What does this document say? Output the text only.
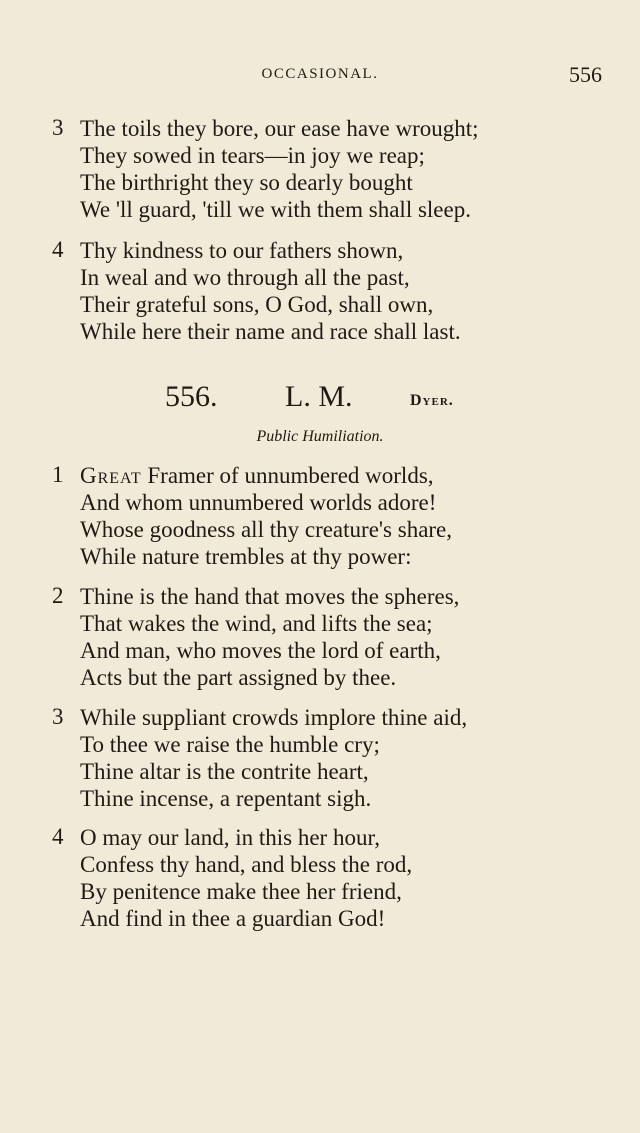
OCCASIONAL.	556
3 The toils they bore, our ease have wrought;
They sowed in tears—in joy we reap;
The birthright they so dearly bought
We 'll guard, 'till we with them shall sleep.
4 Thy kindness to our fathers shown,
In weal and wo through all the past,
Their grateful sons, O God, shall own,
While here their name and race shall last.
556. L. M.	Dyer.
Public Humiliation.
1 Great Framer of unnumbered worlds,
And whom unnumbered worlds adore!
Whose goodness all thy creature's share,
While nature trembles at thy power:
2 Thine is the hand that moves the spheres,
That wakes the wind, and lifts the sea;
And man, who moves the lord of earth,
Acts but the part assigned by thee.
3 While suppliant crowds implore thine aid,
To thee we raise the humble cry;
Thine altar is the contrite heart,
Thine incense, a repentant sigh.
4 O may our land, in this her hour,
Confess thy hand, and bless the rod,
By penitence make thee her friend,
And find in thee a guardian God!
